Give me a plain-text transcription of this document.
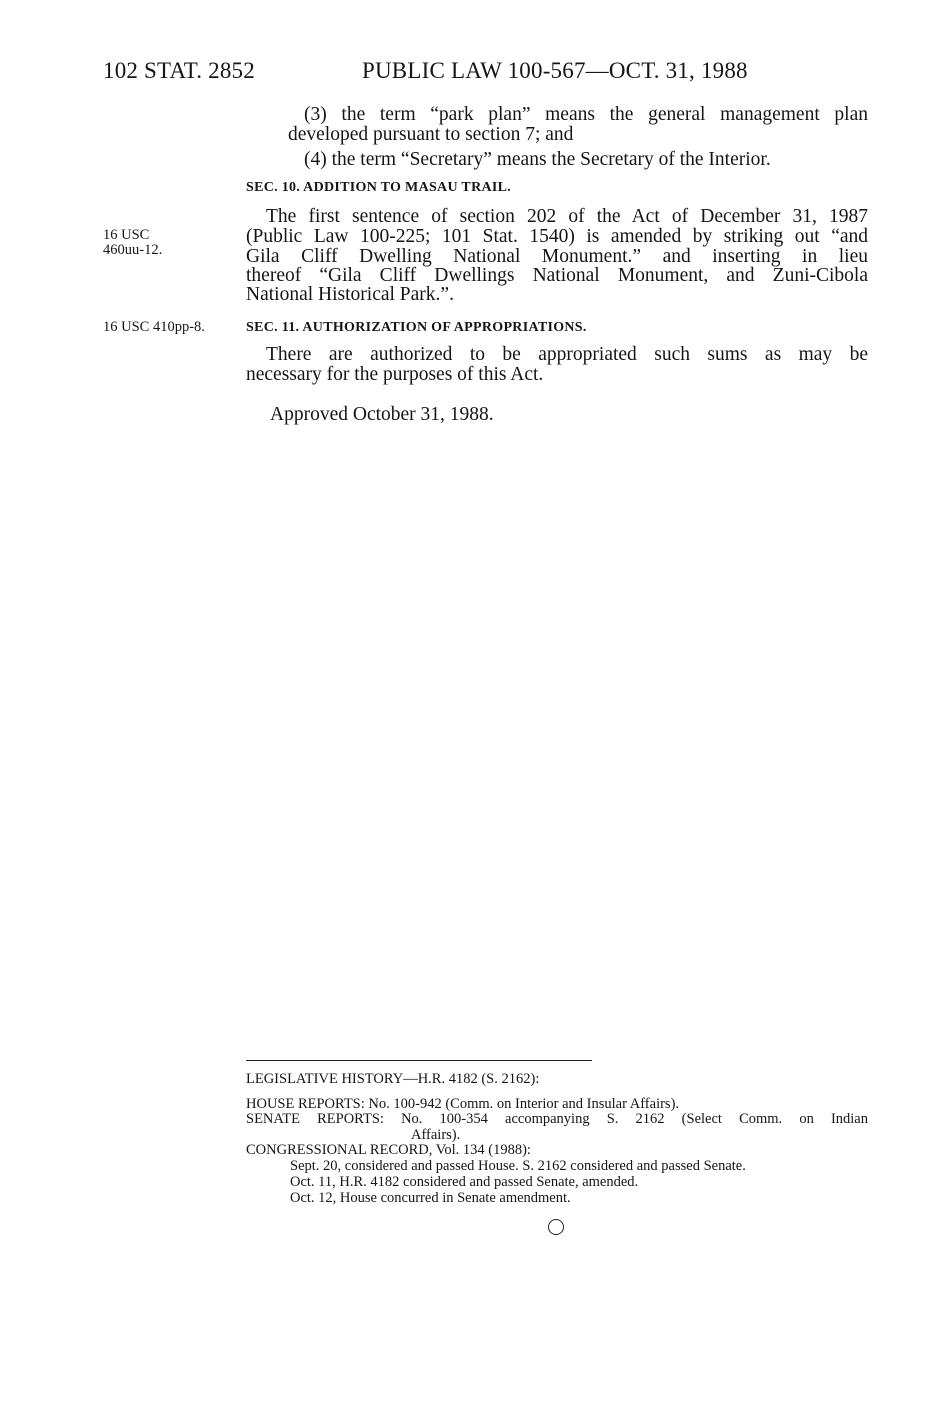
102 STAT. 2852	PUBLIC LAW 100-567—OCT. 31, 1988
(3) the term “park plan” means the general management plan
developed pursuant to section 7; and
(4) the term “Secretary” means the Secretary of the Interior.
SEC. 10. ADDITION TO MASAU TRAIL.
16 USC
460uu-12.
The first sentence of section 202 of the Act of December 31, 1987
(Public Law 100-225; 101 Stat. 1540) is amended by striking out “and
Gila Cliff Dwelling National Monument.” and inserting in lieu
thereof “Gila Cliff Dwellings National Monument, and Zuni-Cibola
National Historical Park.”.
16 USC 410pp-8.	SEC. 11. AUTHORIZATION OF APPROPRIATIONS.
There are authorized to be appropriated such sums as may be
necessary for the purposes of this Act.
Approved October 31, 1988.
LEGISLATIVE HISTORY—H.R. 4182 (S. 2162):
HOUSE REPORTS: No. 100-942 (Comm. on Interior and Insular Affairs).
SENATE REPORTS: No. 100-354 accompanying S. 2162 (Select Comm. on Indian
Affairs).
CONGRESSIONAL RECORD, Vol. 134 (1988):
Sept. 20, considered and passed House. S. 2162 considered and passed Senate.
Oct. 11, H.R. 4182 considered and passed Senate, amended.
Oct. 12, House concurred in Senate amendment.
